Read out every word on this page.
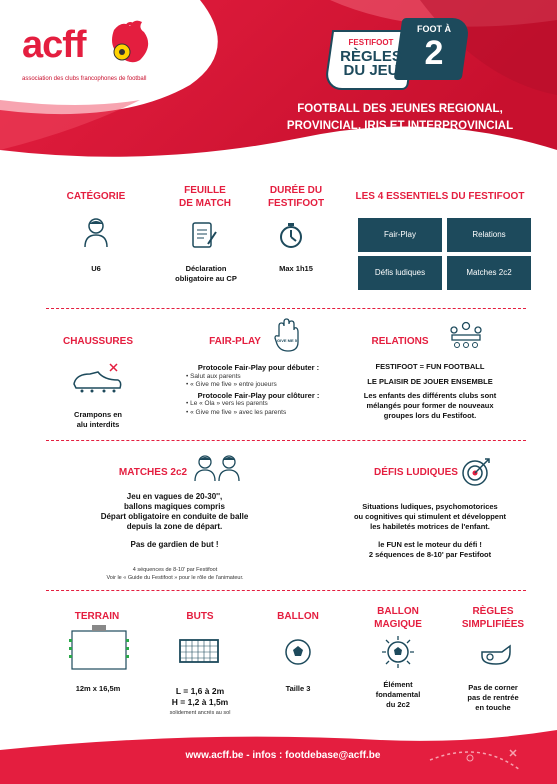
acff
association des clubs francophones de football
FESTIFOOT
RÈGLES
DU JEU
FOOT À
2
FOOTBALL DES JEUNES REGIONAL,
PROVINCIAL, IRIS ET INTERPROVINCIAL
CATÉGORIE
U6
FEUILLE
DE MATCH
Déclaration
obligatoire au CP
DURÉE DU
FESTIFOOT
Max 1h15
LES 4 ESSENTIELS DU FESTIFOOT
Fair-Play	Relations
Défis ludiques	Matches 2c2
CHAUSSURES
Crampons en
alu interdits
FAIR-PLAY	GIVE ME 5
Protocole Fair-Play pour débuter :
• Salut aux parents
• « Give me five » entre joueurs
Protocole Fair-Play pour clôturer :
• Le « Ola » vers les parents
• « Give me five » avec les parents
RELATIONS
FESTIFOOT = FUN FOOTBALL
LE PLAISIR DE JOUER ENSEMBLE
Les enfants des différents clubs sont
mélangés pour former de nouveaux
groupes lors du Festifoot.
MATCHES 2c2
Jeu en vagues de 20-30'',
ballons magiques compris
Départ obligatoire en conduite de balle
depuis la zone de départ.
Pas de gardien de but !
4 séquences de 8-10' par Festifoot
Voir le « Guide du Festifoot » pour le rôle de l'animateur.
DÉFIS LUDIQUES
Situations ludiques, psychomotorices
ou cognitives qui stimulent et développent
les habiletés motrices de l'enfant.
le FUN est le moteur du défi !
2 séquences de 8-10' par Festifoot
TERRAIN
12m x 16,5m
BUTS
L = 1,6 à 2m
H = 1,2 à 1,5m
solidement ancrés au sol
BALLON
Taille 3
BALLON
MAGIQUE
Élément
fondamental
du 2c2
RÈGLES
SIMPLIFIÉES
Pas de corner
pas de rentrée
en touche
www.acff.be - infos : footdebase@acff.be
